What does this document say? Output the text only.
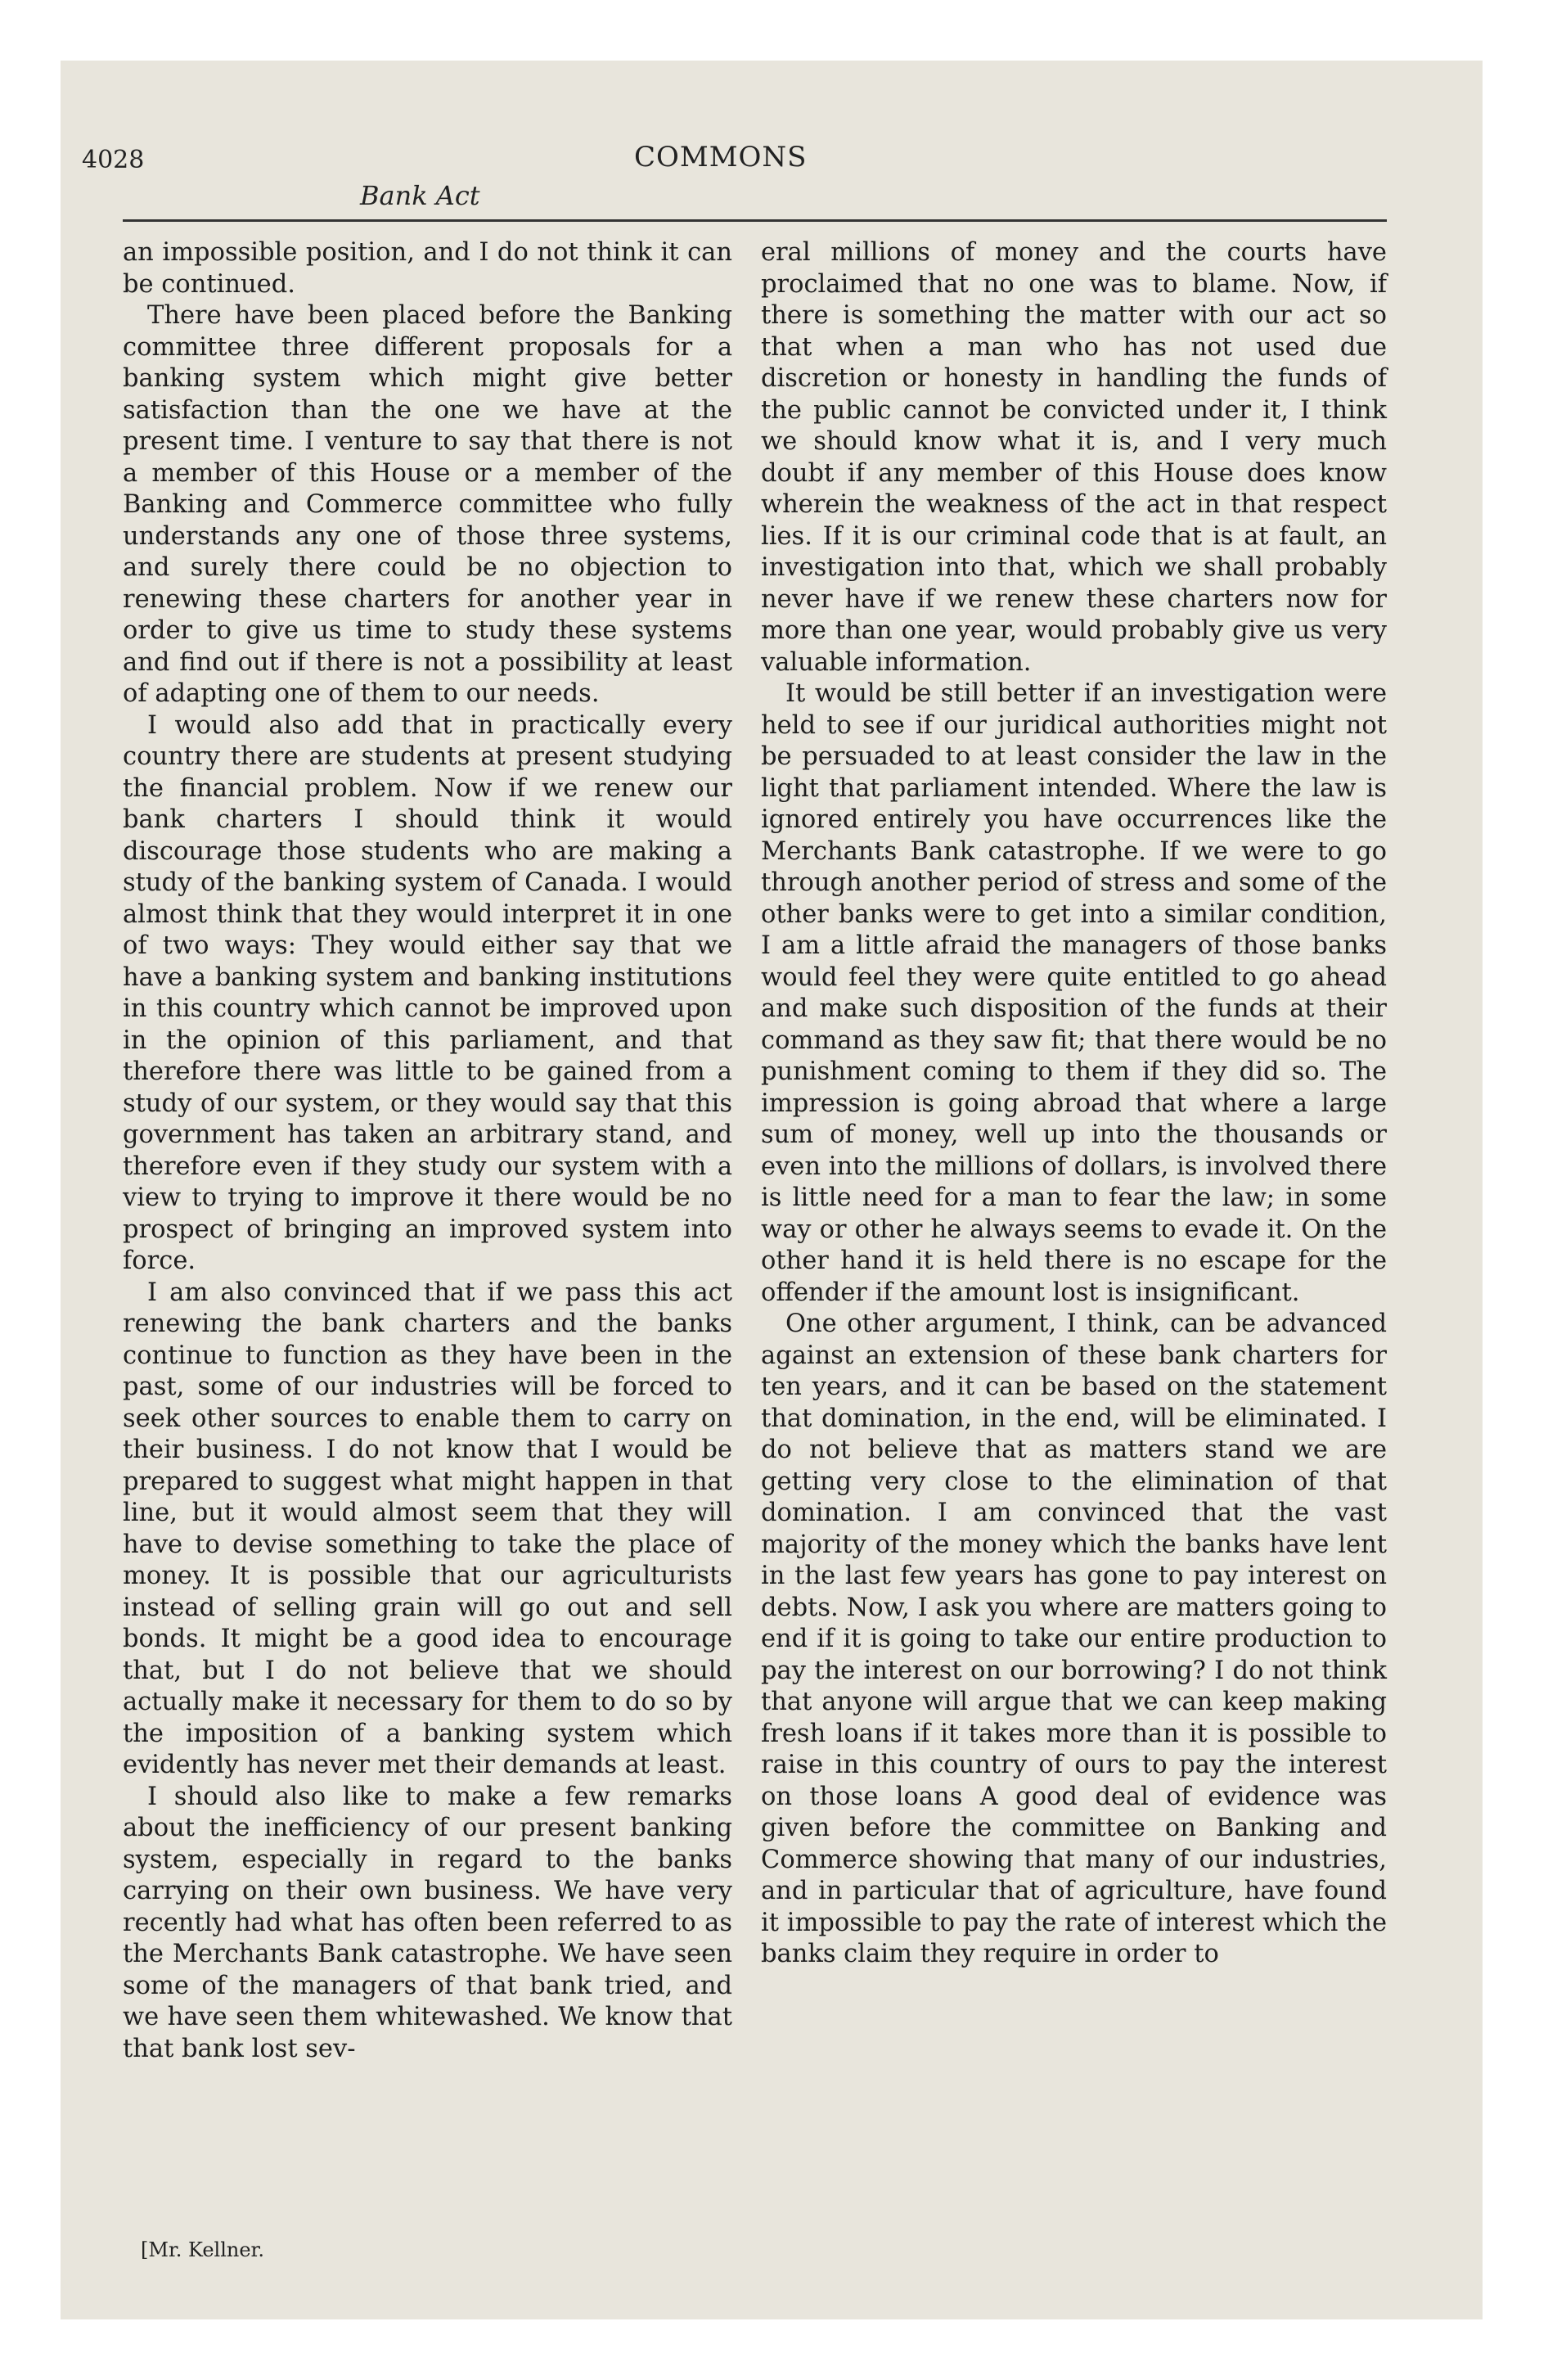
4028	COMMONS
Bank Act

an impossible position, and I do not think it can be continued.

There have been placed before the Banking committee three different proposals for a banking system which might give better satisfaction than the one we have at the present time. I venture to say that there is not a member of this House or a member of the Banking and Commerce committee who fully understands any one of those three systems, and surely there could be no objection to renewing these charters for another year in order to give us time to study these systems and find out if there is not a possibility at least of adapting one of them to our needs.

I would also add that in practically every country there are students at present studying the financial problem. Now if we renew our bank charters I should think it would discourage those students who are making a study of the banking system of Canada. I would almost think that they would interpret it in one of two ways: They would either say that we have a banking system and banking institutions in this country which cannot be improved upon in the opinion of this parliament, and that therefore there was little to be gained from a study of our system, or they would say that this government has taken an arbitrary stand, and therefore even if they study our system with a view to trying to improve it there would be no prospect of bringing an improved system into force.

I am also convinced that if we pass this act renewing the bank charters and the banks continue to function as they have been in the past, some of our industries will be forced to seek other sources to enable them to carry on their business. I do not know that I would be prepared to suggest what might happen in that line, but it would almost seem that they will have to devise something to take the place of money. It is possible that our agriculturists instead of selling grain will go out and sell bonds. It might be a good idea to encourage that, but I do not believe that we should actually make it necessary for them to do so by the imposition of a banking system which evidently has never met their demands at least.

I should also like to make a few remarks about the inefficiency of our present banking system, especially in regard to the banks carrying on their own business. We have very recently had what has often been referred to as the Merchants Bank catastrophe. We have seen some of the managers of that bank tried, and we have seen them whitewashed. We know that that bank lost sev-

eral millions of money and the courts have proclaimed that no one was to blame. Now, if there is something the matter with our act so that when a man who has not used due discretion or honesty in handling the funds of the public cannot be convicted under it, I think we should know what it is, and I very much doubt if any member of this House does know wherein the weakness of the act in that respect lies. If it is our criminal code that is at fault, an investigation into that, which we shall probably never have if we renew these charters now for more than one year, would probably give us very valuable information.

It would be still better if an investigation were held to see if our juridical authorities might not be persuaded to at least consider the law in the light that parliament intended. Where the law is ignored entirely you have occurrences like the Merchants Bank catastrophe. If we were to go through another period of stress and some of the other banks were to get into a similar condition, I am a little afraid the managers of those banks would feel they were quite entitled to go ahead and make such disposition of the funds at their command as they saw fit; that there would be no punishment coming to them if they did so. The impression is going abroad that where a large sum of money, well up into the thousands or even into the millions of dollars, is involved there is little need for a man to fear the law; in some way or other he always seems to evade it. On the other hand it is held there is no escape for the offender if the amount lost is insignificant.

One other argument, I think, can be advanced against an extension of these bank charters for ten years, and it can be based on the statement that domination, in the end, will be eliminated. I do not believe that as matters stand we are getting very close to the elimination of that domination. I am convinced that the vast majority of the money which the banks have lent in the last few years has gone to pay interest on debts. Now, I ask you where are matters going to end if it is going to take our entire production to pay the interest on our borrowing? I do not think that anyone will argue that we can keep making fresh loans if it takes more than it is possible to raise in this country of ours to pay the interest on those loans A good deal of evidence was given before the committee on Banking and Commerce showing that many of our industries, and in particular that of agriculture, have found it impossible to pay the rate of interest which the banks claim they require in order to

[Mr. Kellner.
